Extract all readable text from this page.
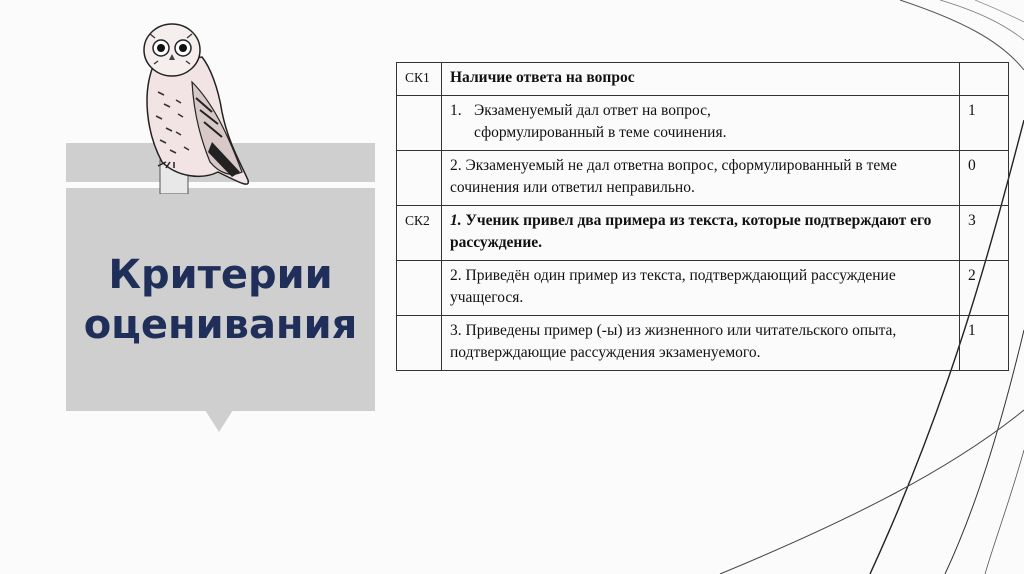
Критерии
оценивания
СК1	Наличие ответа на вопрос	
	1. Экзаменуемый дал ответ на вопрос,
сформулированный в теме сочинения.	1
	2. Экзаменуемый не дал ответна вопрос, сформулированный в теме сочинения или ответил неправильно.	0
СК2	1. Ученик привел два примера из текста, которые подтверждают его рассуждение.	3
	2. Приведён один пример из текста, подтверждающий рассуждение учащегося.	2
	3. Приведены пример (-ы) из жизненного или читательского опыта, подтверждающие рассуждения экзаменуемого.	1
